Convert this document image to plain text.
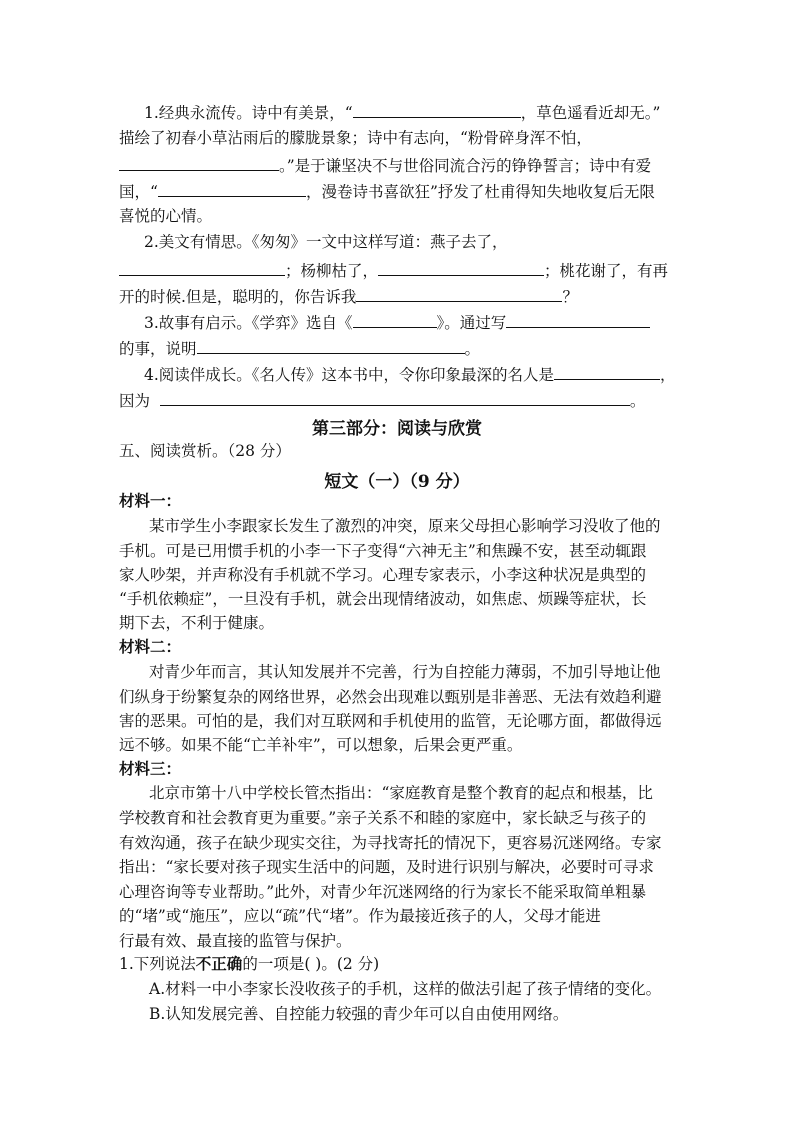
1.经典永流传。诗中有美景，“	，草色遥看近却无。”
描绘了初春小草沾雨后的朦胧景象；诗中有志向，“粉骨碎身浑不怕，
。”是于谦坚决不与世俗同流合污的铮铮誓言；诗中有爱
国，“	，漫卷诗书喜欲狂”抒发了杜甫得知失地收复后无限
喜悦的心情。
2.美文有情思。《匆匆》一文中这样写道：燕子去了，
；杨柳枯了，	；桃花谢了，有再
开的时候.但是，聪明的，你告诉我	？
3.故事有启示。《学弈》选自《	》。通过写
的事，说明	。
4.阅读伴成长。《名人传》这本书中，令你印象最深的名人是	，
因为	。
第三部分：阅读与欣赏
五、阅读赏析。（28 分）
短文（一）（9 分）
材料一：
某市学生小李跟家长发生了激烈的冲突，原来父母担心影响学习没收了他的
手机。可是已用惯手机的小李一下子变得“六神无主”和焦躁不安，甚至动辄跟
家人吵架，并声称没有手机就不学习。心理专家表示，小李这种状况是典型的
“手机依赖症”，一旦没有手机，就会出现情绪波动，如焦虑、烦躁等症状，长
期下去，不利于健康。
材料二：
对青少年而言，其认知发展并不完善，行为自控能力薄弱，不加引导地让他
们纵身于纷繁复杂的网络世界，必然会出现难以甄别是非善恶、无法有效趋利避
害的恶果。可怕的是，我们对互联网和手机使用的监管，无论哪方面，都做得远
远不够。如果不能“亡羊补牢”，可以想象，后果会更严重。
材料三：
北京市第十八中学校长管杰指出：“家庭教育是整个教育的起点和根基，比
学校教育和社会教育更为重要。”亲子关系不和睦的家庭中，家长缺乏与孩子的
有效沟通，孩子在缺少现实交往，为寻找寄托的情况下，更容易沉迷网络。专家
指出：“家长要对孩子现实生活中的问题，及时进行识别与解决，必要时可寻求
心理咨询等专业帮助。”此外，对青少年沉迷网络的行为家长不能采取简单粗暴
的“堵”或“施压”，应以“疏”代“堵”。作为最接近孩子的人，父母才能进
行最有效、最直接的监管与保护。
1.下列说法不正确的一项是( )。(2 分)
A.材料一中小李家长没收孩子的手机，这样的做法引起了孩子情绪的变化。
B.认知发展完善、自控能力较强的青少年可以自由使用网络。
